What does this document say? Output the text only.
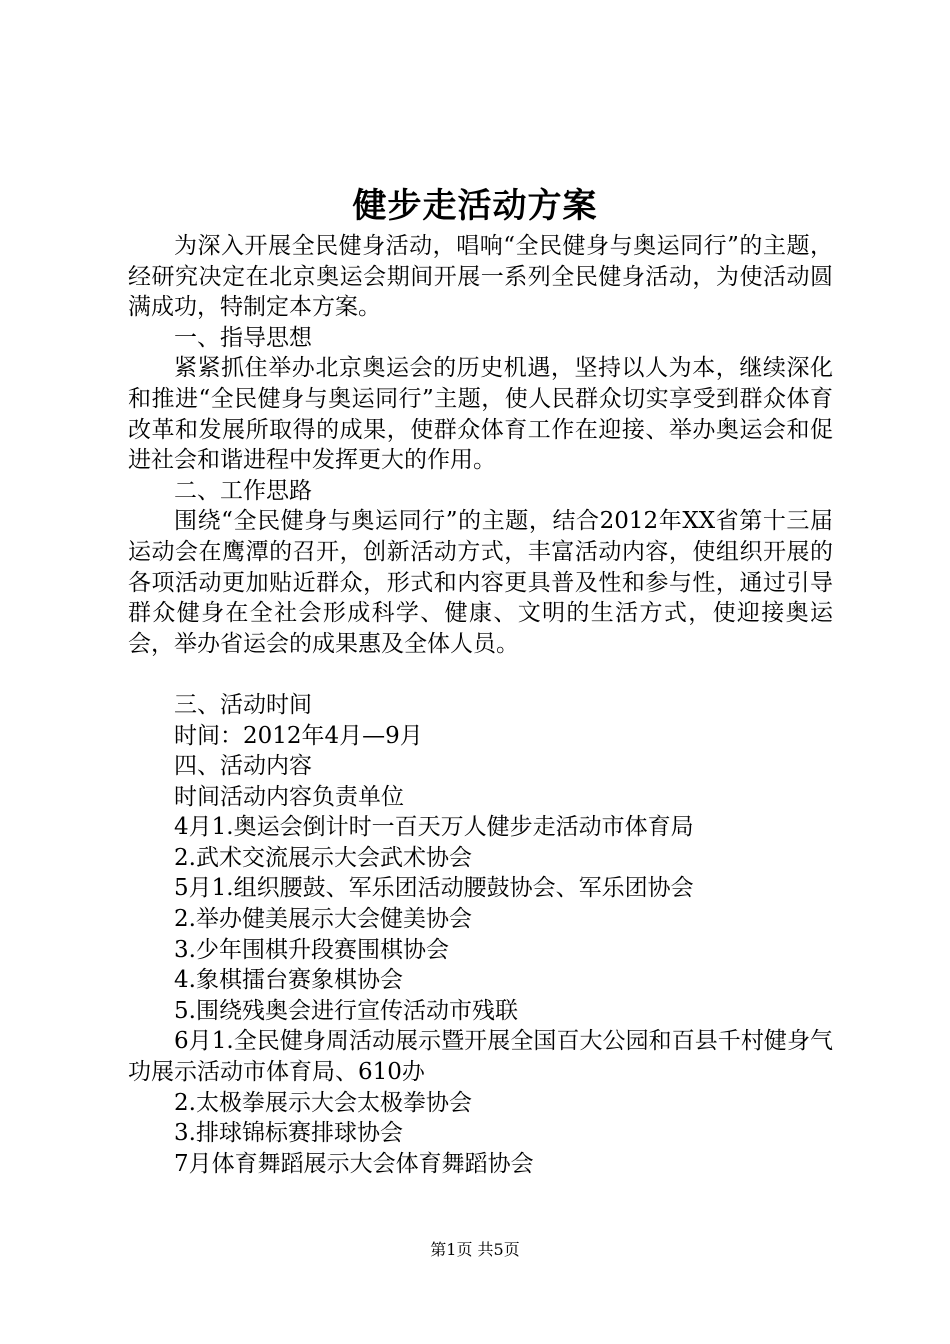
健步走活动方案

为深入开展全民健身活动，唱响“全民健身与奥运同行”的主题，经研究决定在北京奥运会期间开展一系列全民健身活动，为使活动圆满成功，特制定本方案。

一、指导思想

紧紧抓住举办北京奥运会的历史机遇，坚持以人为本，继续深化和推进“全民健身与奥运同行”主题，使人民群众切实享受到群众体育改革和发展所取得的成果，使群众体育工作在迎接、举办奥运会和促进社会和谐进程中发挥更大的作用。

二、工作思路

围绕“全民健身与奥运同行”的主题，结合2012年XX省第十三届运动会在鹰潭的召开，创新活动方式，丰富活动内容，使组织开展的各项活动更加贴近群众，形式和内容更具普及性和参与性，通过引导群众健身在全社会形成科学、健康、文明的生活方式，使迎接奥运会，举办省运会的成果惠及全体人员。

三、活动时间

时间：2012年4月—9月

四、活动内容

时间活动内容负责单位

4月1.奥运会倒计时一百天万人健步走活动市体育局

2.武术交流展示大会武术协会

5月1.组织腰鼓、军乐团活动腰鼓协会、军乐团协会

2.举办健美展示大会健美协会

3.少年围棋升段赛围棋协会

4.象棋擂台赛象棋协会

5.围绕残奥会进行宣传活动市残联

6月1.全民健身周活动展示暨开展全国百大公园和百县千村健身气功展示活动市体育局、610办

2.太极拳展示大会太极拳协会

3.排球锦标赛排球协会

7月体育舞蹈展示大会体育舞蹈协会

第1页 共5页
